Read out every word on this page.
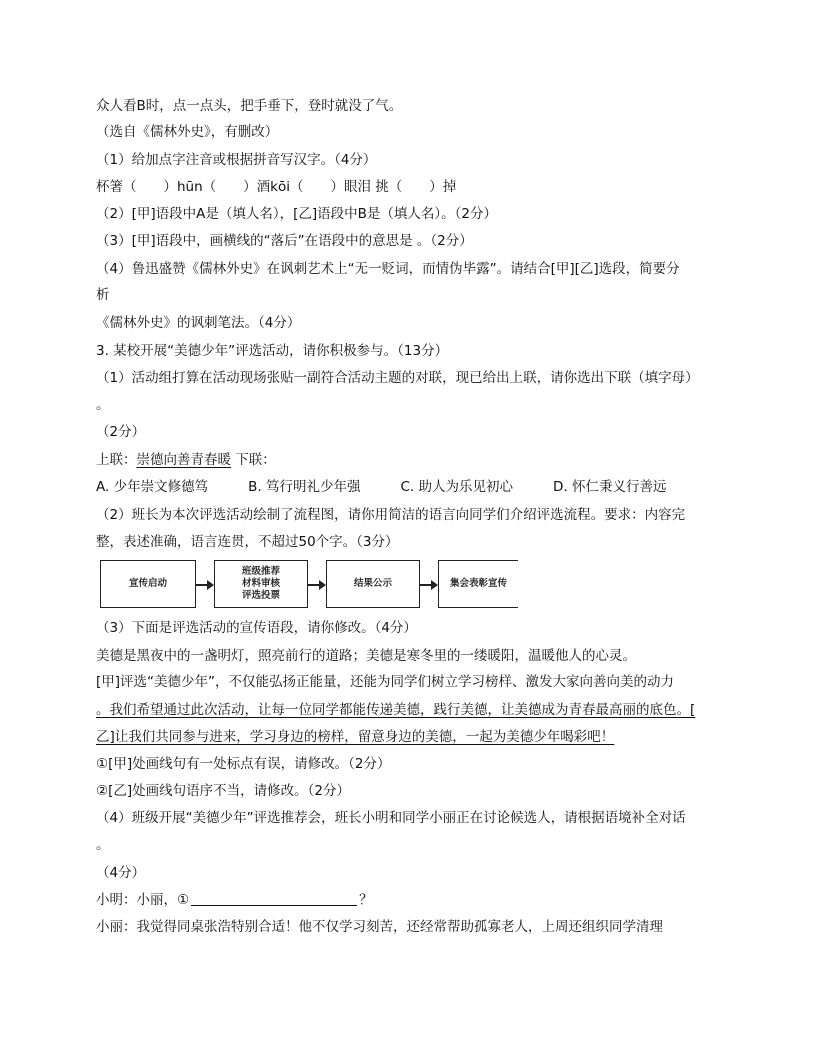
众人看B时，点一点头，把手垂下，登时就没了气。
（选自《儒林外史》，有删改）
（1）给加点字注音或根据拼音写汉字。（4分）
杯箸（　　）hūn（　　）酒kōi（　　）眼泪 挑（　　）掉
（2）[甲]语段中A是（填人名），[乙]语段中B是（填人名）。（2分）
（3）[甲]语段中，画横线的“落后”在语段中的意思是 。（2分）
（4）鲁迅盛赞《儒林外史》在讽刺艺术上“无一贬词，而情伪毕露”。请结合[甲][乙]选段，简要分
析
《儒林外史》的讽刺笔法。（4分）
3. 某校开展“美德少年”评选活动，请你积极参与。（13分）
（1）活动组打算在活动现场张贴一副符合活动主题的对联，现已给出上联，请你选出下联（填字母）
。
（2分）
上联：崇德向善青春暖 下联：
A. 少年崇文修德笃	B. 笃行明礼少年强	C. 助人为乐见初心	D. 怀仁秉义行善远
（2）班长为本次评选活动绘制了流程图，请你用简洁的语言向同学们介绍评选流程。要求：内容完
整，表述准确，语言连贯，不超过50个字。（3分）
宣传启动
班级推荐
材料审核
评选投票
结果公示	集会表彰宣传
（3）下面是评选活动的宣传语段，请你修改。（4分）
美德是黑夜中的一盏明灯，照亮前行的道路；美德是寒冬里的一缕暖阳，温暖他人的心灵。
[甲]评选“美德少年”，不仅能弘扬正能量，还能为同学们树立学习榜样、激发大家向善向美的动力
。我们希望通过此次活动，让每一位同学都能传递美德，践行美德，让美德成为青春最高丽的底色。[
乙]让我们共同参与进来，学习身边的榜样，留意身边的美德，一起为美德少年喝彩吧！
①[甲]处画线句有一处标点有误，请修改。（2分）
②[乙]处画线句语序不当，请修改。（2分）
（4）班级开展“美德少年”评选推荐会，班长小明和同学小丽正在讨论候选人，请根据语境补全对话
。
（4分）
小明：小丽，①	？
小丽：我觉得同桌张浩特别合适！他不仅学习刻苦，还经常帮助孤寡老人，上周还组织同学清理
